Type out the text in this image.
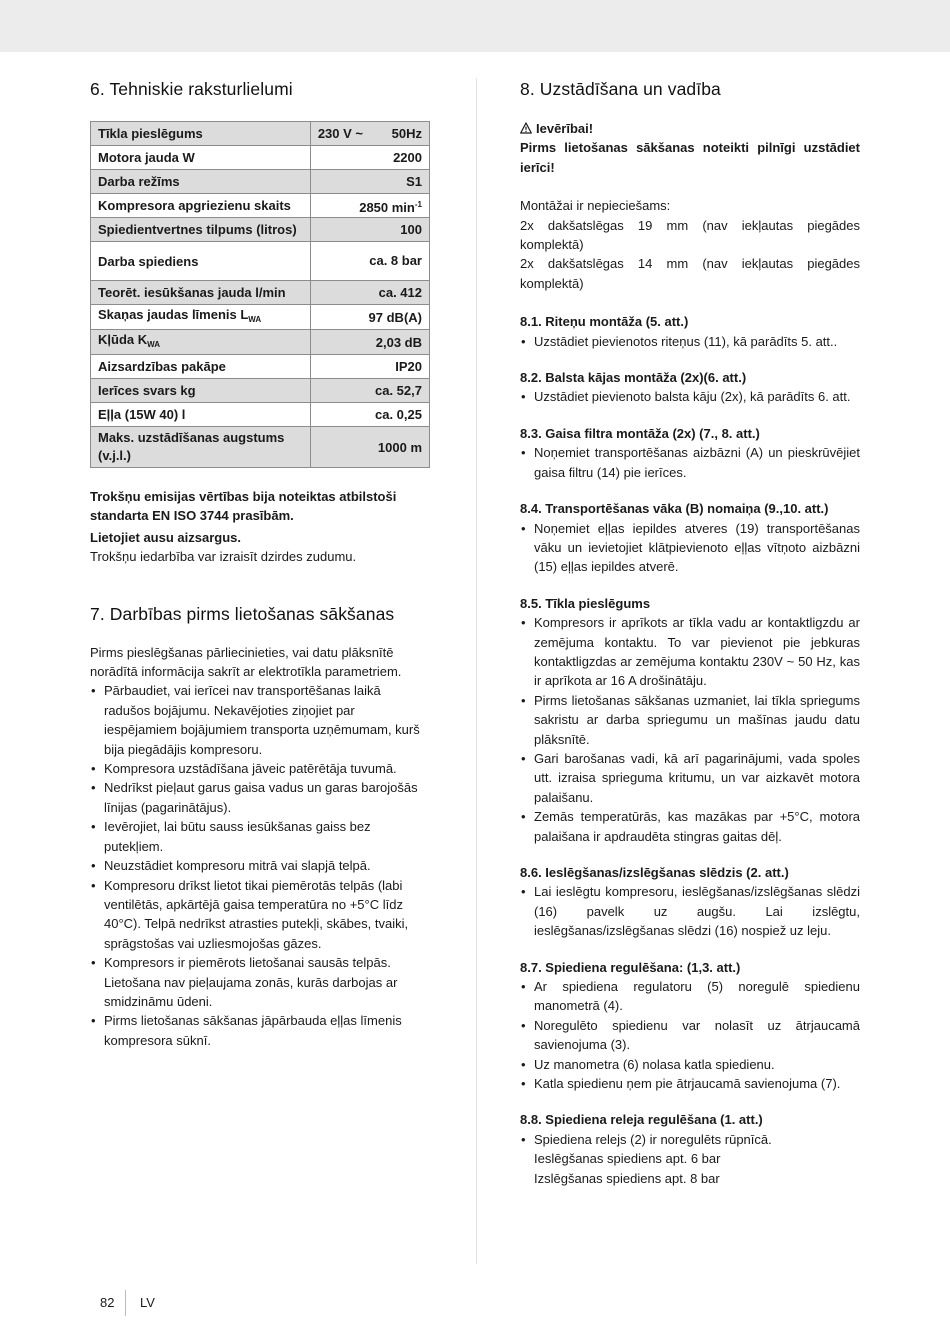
6. Tehniskie raksturlielumi
Tīkla pieslēgums	230 V ~	50Hz
Motora jauda W	2200	
Darba režīms	S1	
Kompresora apgriezienu skaits	2850 $\min^{-1}$
Spiedientvertnes tilpums (litros)	100	
Darba spiediens	ca. 8 bar	
Teorēt. iesūkšanas jauda l/min	ca. 412	
Skaņas jaudas līmenis $L_{WA}$	97 dB(A)	
Kļūda $K_{WA}$	2,03 dB	
Aizsardzības pakāpe	IP20	
Ierīces svars kg	ca. 52,7	
Eļļa (15W 40) l	ca. 0,25	
Maks. uzstādīšanas augstums (v.j.l.)	1000 m	

Trokšņu emisijas vērtības bija noteiktas atbilstoši standarta EN ISO 3744 prasībām.

Lietojiet ausu aizsargus.

Trokšņu iedarbība var izraisīt dzirdes zudumu.

7. Darbības pirms lietošanas sākšanas

Pirms pieslēgšanas pārliecinieties, vai datu plāksnītē norādītā informācija sakrīt ar elektrotīkla parametriem.

• Pārbaudiet, vai ierīcei nav transportēšanas laikā radušos bojājumu. Nekavējoties ziņojiet par iespējamiem bojājumiem transporta uzņēmumam, kurš bija piegādājis kompresoru.
• Kompresora uzstādīšana jāveic patērētāja tuvumā.
• Nedrīkst pieļaut garus gaisa vadus un garas barojošās līnijas (pagarinātājus).
• Ievērojiet, lai būtu sauss iesūkšanas gaiss bez putekļiem.
• Neuzstādiet kompresoru mitrā vai slapjā telpā.
• Kompresoru drīkst lietot tikai piemērotās telpās (labi ventilētās, apkārtējā gaisa temperatūra no +5°C līdz 40°C). Telpā nedrīkst atrasties putekļi, skābes, tvaiki, sprāgstošas vai uzliesmojošas gāzes.
• Kompresors ir piemērots lietošanai sausās telpās. Lietošana nav pieļaujama zonās, kurās darbojas ar smidzināmu ūdeni.
• Pirms lietošanas sākšanas jāpārbauda eļļas līmenis kompresora sūknī.
8. Uzstādīšana un vadība

Ievērībai!

Pirms lietošanas sākšanas noteikti pilnīgi uzstādiet ierīci!

Montāžai ir nepieciešams:

2x dakšatslēgas 19 mm (nav iekļautas piegādes komplektā)

2x dakšatslēgas 14 mm (nav iekļautas piegādes komplektā)

8.1. Riteņu montāža (5. att.)

• Uzstādiet pievienotos riteņus (11), kā parādīts 5. att..

8.2. Balsta kājas montāža (2x)(6. att.)

• Uzstādiet pievienoto balsta kāju (2x), kā parādīts 6. att.

8.3. Gaisa filtra montāža (2x) (7., 8. att.)

• Noņemiet transportēšanas aizbāzni (A) un pieskrūvējiet gaisa filtru (14) pie ierīces.

8.4. Transportēšanas vāka (B) nomaiņa (9.,10. att.)

• Noņemiet eļļas iepildes atveres (19) transportēšanas vāku un ievietojiet klātpievienoto eļļas vītņoto aizbāzni (15) eļļas iepildes atverē.

8.5. Tīkla pieslēgums

• Kompresors ir aprīkots ar tīkla vadu ar kontaktligzdu ar zemējuma kontaktu. To var pievienot pie jebkuras kontaktligzdas ar zemējuma kontaktu 230V ~ 50 Hz, kas ir aprīkota ar 16 A drošinātāju.
• Pirms lietošanas sākšanas uzmaniet, lai tīkla spriegums sakristu ar darba spriegumu un mašīnas jaudu datu plāksnītē.
• Gari barošanas vadi, kā arī pagarinājumi, vada spoles utt. izraisa sprieguma kritumu, un var aizkavēt motora palaišanu.
• Zemās temperatūrās, kas mazākas par +5°C, motora palaišana ir apdraudēta stingras gaitas dēļ.

8.6. Ieslēgšanas/izslēgšanas slēdzis (2. att.)

• Lai ieslēgtu kompresoru, ieslēgšanas/izslēgšanas slēdzi (16) pavelk uz augšu. Lai izslēgtu, ieslēgšanas/izslēgšanas slēdzi (16) nospiež uz leju.

8.7. Spiediena regulēšana: (1,3. att.)

• Ar spiediena regulatoru (5) noregulē spiedienu manometrā (4).
• Noregulēto spiedienu var nolasīt uz ātrjaucamā savienojuma (3).
• Uz manometra (6) nolasa katla spiedienu.
• Katla spiedienu ņem pie ātrjaucamā savienojuma (7).

8.8. Spiediena releja regulēšana (1. att.)

• Spiediena relejs (2) ir noregulēts rūpnīcā.

Ieslēgšanas spiediens apt. 6 bar

Izslēgšanas spiediens apt. 8 bar

82 LV
